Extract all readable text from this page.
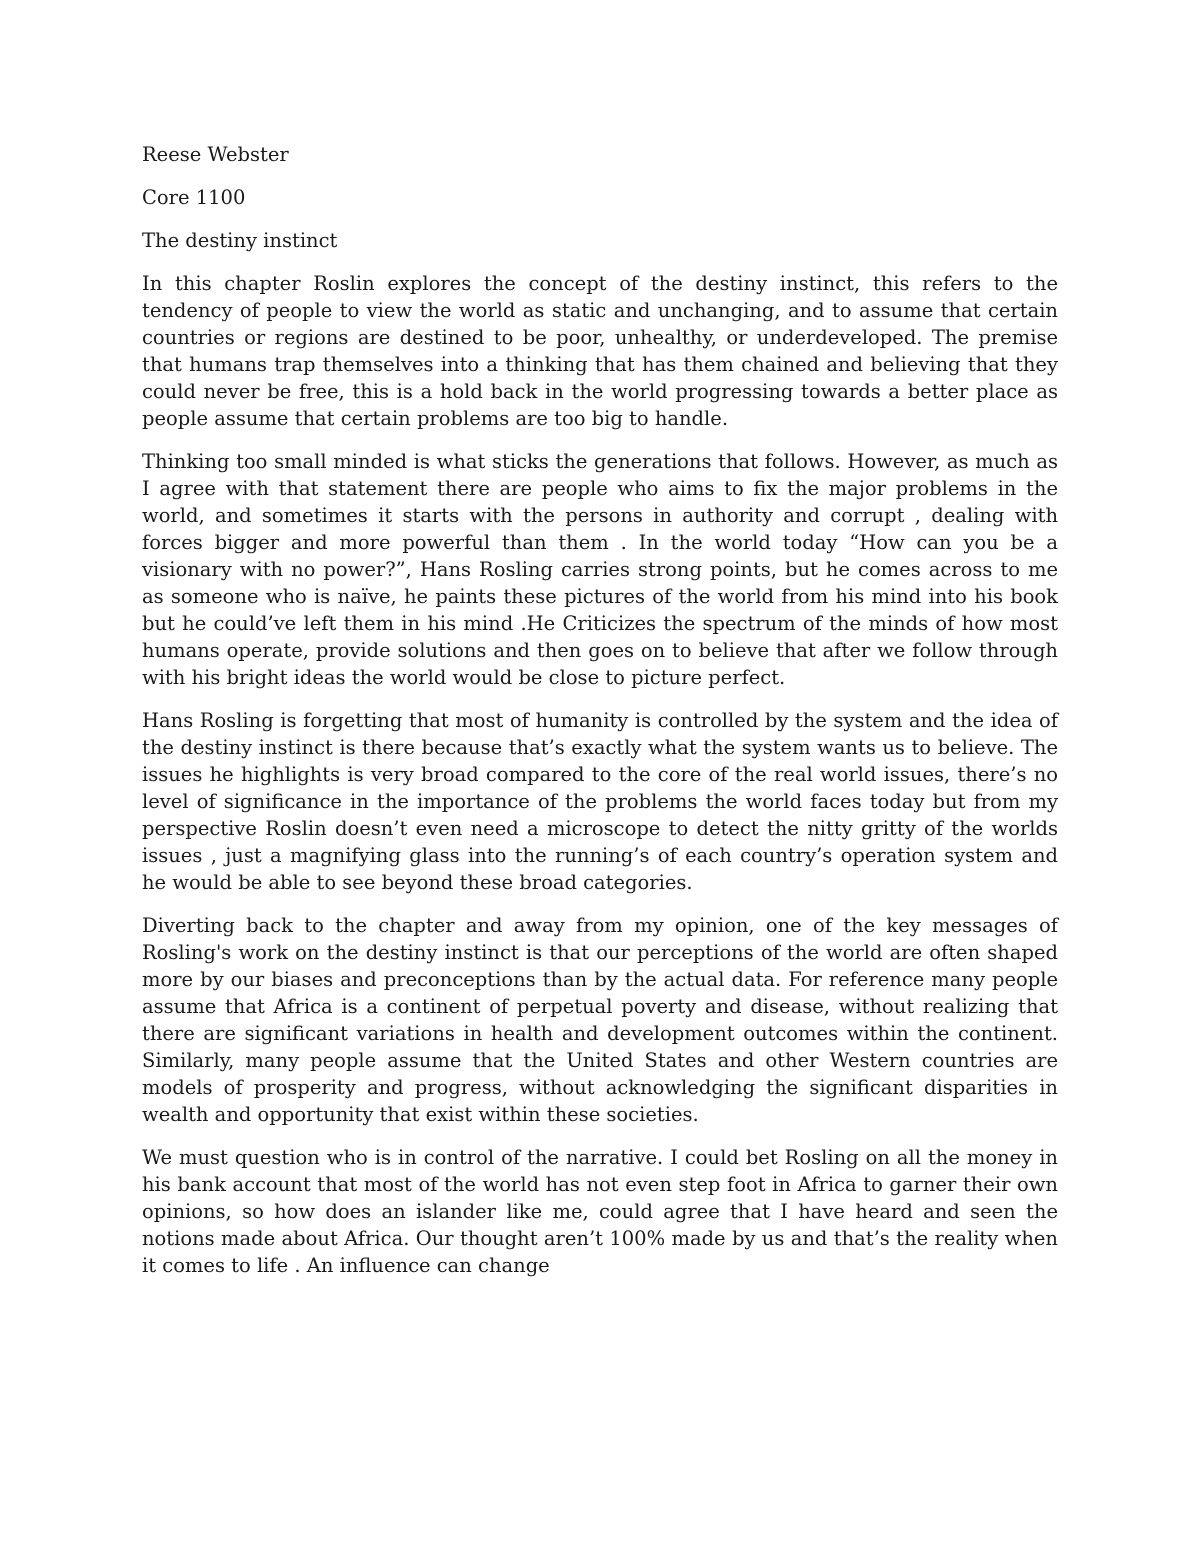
Reese Webster

Core 1100

The destiny instinct

In this chapter Roslin explores the concept of the destiny instinct, this refers to the tendency of people to view the world as static and unchanging, and to assume that certain countries or regions are destined to be poor, unhealthy, or underdeveloped. The premise that humans trap themselves into a thinking that has them chained and believing that they could never be free, this is a hold back in the world progressing towards a better place as people assume that certain problems are too big to handle.

Thinking too small minded is what sticks the generations that follows. However, as much as I agree with that statement there are people who aims to fix the major problems in the world, and sometimes it starts with the persons in authority and corrupt , dealing with forces bigger and more powerful than them . In the world today “How can you be a visionary with no power?”, Hans Rosling carries strong points, but he comes across to me as someone who is naïve, he paints these pictures of the world from his mind into his book but he could’ve left them in his mind .He Criticizes the spectrum of the minds of how most humans operate, provide solutions and then goes on to believe that after we follow through with his bright ideas the world would be close to picture perfect.

Hans Rosling is forgetting that most of humanity is controlled by the system and the idea of the destiny instinct is there because that’s exactly what the system wants us to believe. The issues he highlights is very broad compared to the core of the real world issues, there’s no level of significance in the importance of the problems the world faces today but from my perspective Roslin doesn’t even need a microscope to detect the nitty gritty of the worlds issues , just a magnifying glass into the running’s of each country’s operation system and he would be able to see beyond these broad categories.

Diverting back to the chapter and away from my opinion, one of the key messages of Rosling's work on the destiny instinct is that our perceptions of the world are often shaped more by our biases and preconceptions than by the actual data. For reference many people assume that Africa is a continent of perpetual poverty and disease, without realizing that there are significant variations in health and development outcomes within the continent. Similarly, many people assume that the United States and other Western countries are models of prosperity and progress, without acknowledging the significant disparities in wealth and opportunity that exist within these societies.

We must question who is in control of the narrative. I could bet Rosling on all the money in his bank account that most of the world has not even step foot in Africa to garner their own opinions, so how does an islander like me, could agree that I have heard and seen the notions made about Africa. Our thought aren’t 100% made by us and that’s the reality when it comes to life . An influence can change
